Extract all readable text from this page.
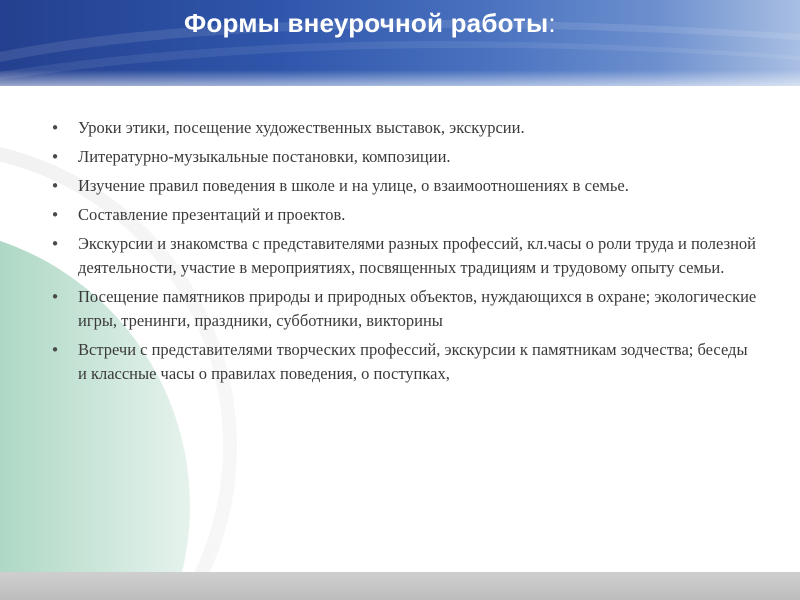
Формы внеурочной работы:
• Уроки этики, посещение художественных выставок, экскурсии.
• Литературно-музыкальные постановки, композиции.
• Изучение правил поведения в школе и на улице, о взаимоотношениях в семье.
• Составление презентаций и проектов.
• Экскурсии и знакомства с представителями разных профессий, кл.часы о роли труда и полезной деятельности, участие в мероприятиях, посвященных традициям и трудовому опыту семьи.
• Посещение памятников природы и природных объектов, нуждающихся в охране; экологические игры, тренинги, праздники, субботники, викторины
• Встречи с представителями творческих профессий, экскурсии к памятникам зодчества; беседы и классные часы о правилах поведения, о поступках,
